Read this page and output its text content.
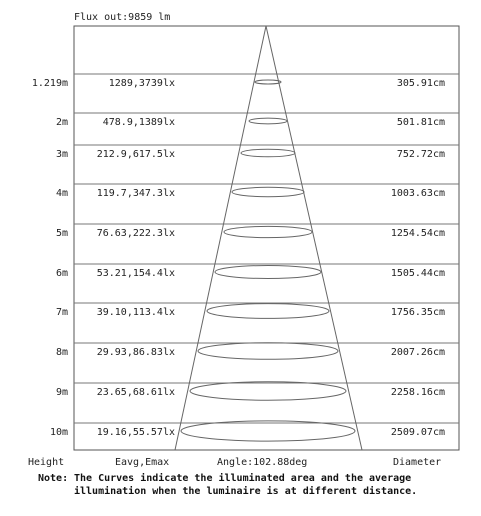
Flux out:9859 lm
1.219m	1289,3739lx	305.91cm
2m	478.9,1389lx	501.81cm
3m	212.9,617.5lx	752.72cm
4m	119.7,347.3lx	1003.63cm
5m	76.63,222.3lx	1254.54cm
6m	53.21,154.4lx	1505.44cm
7m	39.10,113.4lx	1756.35cm
8m	29.93,86.83lx	2007.26cm
9m	23.65,68.61lx	2258.16cm
10m	19.16,55.57lx	2509.07cm
Height	Eavg,Emax	Angle:102.88deg	Diameter
Note: The Curves indicate the illuminated area and the average illumination when the luminaire is at different distance.
